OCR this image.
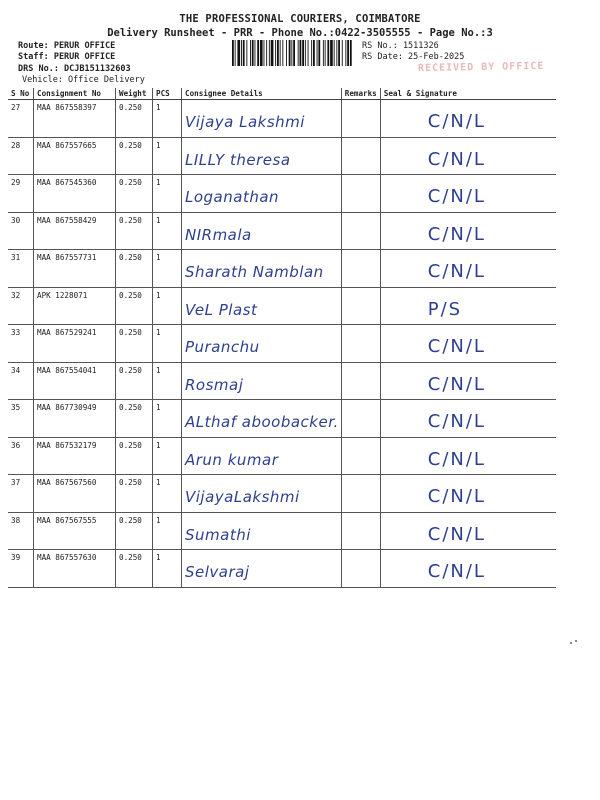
THE PROFESSIONAL COURIERS, COIMBATORE
Delivery Runsheet - PRR - Phone No.:0422-3505555 - Page No.:3
Route: PERUR OFFICE
Staff: PERUR OFFICE
DRS No.: DCJB151132603
Vehicle: Office Delivery
RS No.: 1511326
RS Date: 25-Feb-2025
RECEIVED BY OFFICE
S No	Consignment No	Weight	PCS	Consignee Details	Remarks	Seal & Signature
27	MAA 867558397	0.250	1	Vijaya Lakshmi		C/N/L

28	MAA 867557665	0.250	1	LILLY theresa		C/N/L

29	MAA 867545360	0.250	1	Loganathan		C/N/L

30	MAA 867558429	0.250	1	NIRmala		C/N/L

31	MAA 867557731	0.250	1	Sharath Namblan		C/N/L

32	APK 1228071	0.250	1	VeL Plast		P/S

33	MAA 867529241	0.250	1	Puranchu		C/N/L

34	MAA 867554041	0.250	1	Rosmaj		C/N/L

35	MAA 867730949	0.250	1	ALthaf aboobacker.		C/N/L

36	MAA 867532179	0.250	1	Arun kumar		C/N/L

37	MAA 867567560	0.250	1	VijayaLakshmi		C/N/L

38	MAA 867567555	0.250	1	Sumathi		C/N/L

39	MAA 867557630	0.250	1	Selvaraj		C/N/L
